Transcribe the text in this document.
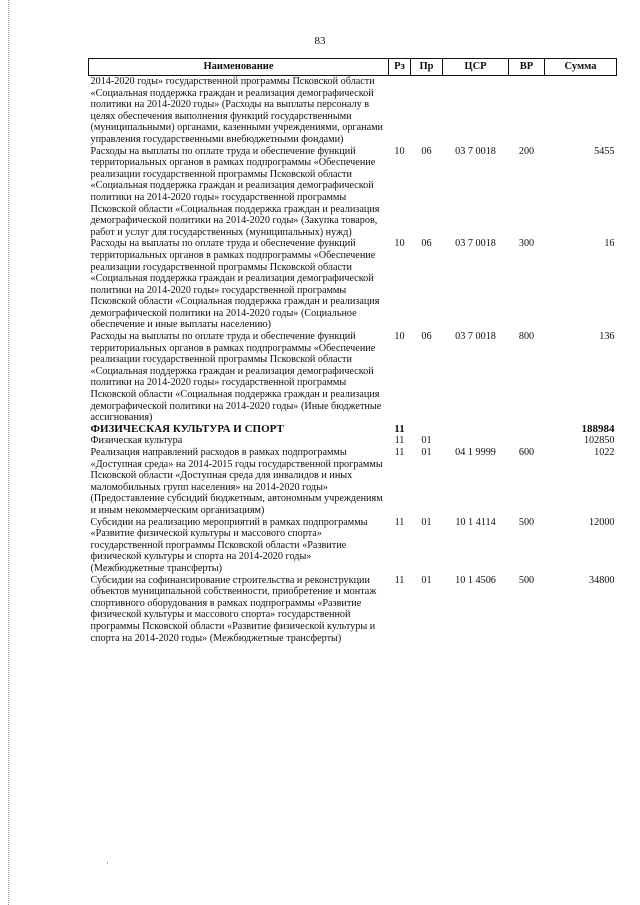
83
Наименование	Рз	Пр	ЦСР	ВР	Сумма
2014-2020 годы» государственной программы Псковской области «Социальная поддержка граждан и реализация демографической политики на 2014-2020 годы» (Расходы на выплаты персоналу в целях обеспечения выполнения функций государственными (муниципальными) органами, казенными учреждениями, органами управления государственными внебюджетными фондами)					
Расходы на выплаты по оплате труда и обеспечение функций территориальных органов в рамках подпрограммы «Обеспечение реализации государственной программы Псковской области «Социальная поддержка граждан и реализация демографической политики на 2014-2020 годы» государственной программы Псковской области «Социальная поддержка граждан и реализация демографической политики на 2014-2020 годы» (Закупка товаров, работ и услуг для государственных (муниципальных) нужд)	10	06	03 7 0018	200	5455
Расходы на выплаты по оплате труда и обеспечение функций территориальных органов в рамках подпрограммы «Обеспечение реализации государственной программы Псковской области «Социальная поддержка граждан и реализация демографической политики на 2014-2020 годы» государственной программы Псковской области «Социальная поддержка граждан и реализация демографической политики на 2014-2020 годы» (Социальное обеспечение и иные выплаты населению)	10	06	03 7 0018	300	16
Расходы на выплаты по оплате труда и обеспечение функций территориальных органов в рамках подпрограммы «Обеспечение реализации государственной программы Псковской области «Социальная поддержка граждан и реализация демографической политики на 2014-2020 годы» государственной программы Псковской области «Социальная поддержка граждан и реализация демографической политики на 2014-2020 годы» (Иные бюджетные ассигнования)	10	06	03 7 0018	800	136
ФИЗИЧЕСКАЯ КУЛЬТУРА И СПОРТ	11				188984
Физическая культура	11	01			102850
Реализация направлений расходов в рамках подпрограммы «Доступная среда» на 2014-2015 годы государственной программы Псковской области «Доступная среда для инвалидов и иных маломобильных групп населения» на 2014-2020 годы» (Предоставление субсидий бюджетным, автономным учреждениям и иным некоммерческим организациям)	11	01	04 1 9999	600	1022
Субсидии на реализацию мероприятий в рамках подпрограммы «Развитие физической культуры и массового спорта» государственной программы Псковской области «Развитие физической культуры и спорта на 2014-2020 годы» (Межбюджетные трансферты)	11	01	10 1 4114	500	12000
Субсидии на софинансирование строительства и реконструкции объектов муниципальной собственности, приобретение и монтаж спортивного оборудования в рамках подпрограммы «Развитие физической культуры и массового спорта» государственной программы Псковской области «Развитие физической культуры и спорта на 2014-2020 годы» (Межбюджетные трансферты)	11	01	10 1 4506	500	34800
·
